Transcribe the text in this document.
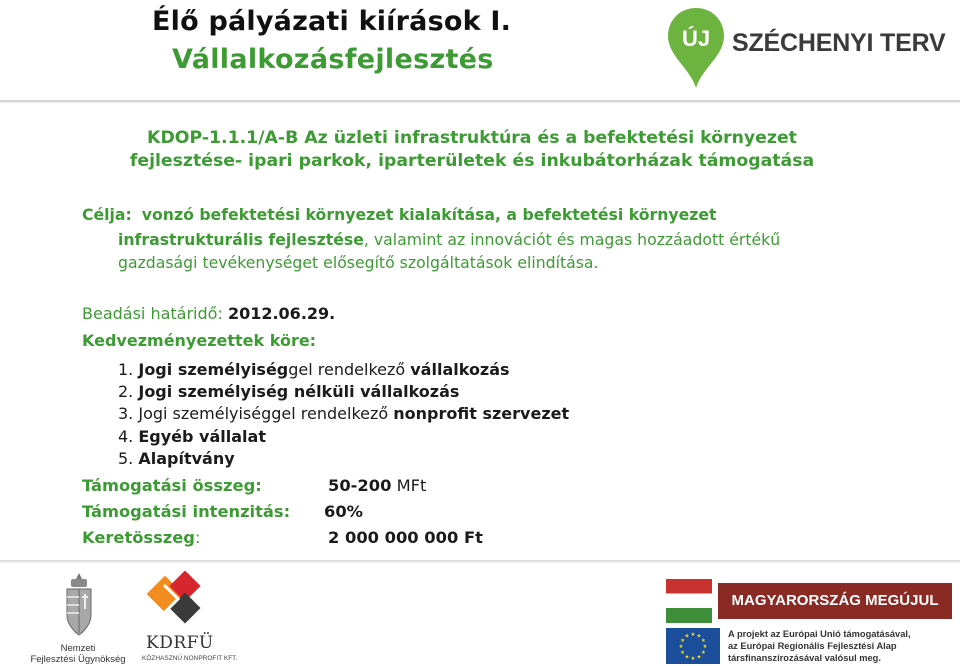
Élő pályázati kiírások I.
Vállalkozásfejlesztés
ÚJ SZÉCHENYI TERV
KDOP-1.1.1/A-B Az üzleti infrastruktúra és a befektetési környezet
fejlesztése- ipari parkok, iparterületek és inkubátorházak támogatása
Célja: vonzó befektetési környezet kialakítása, a befektetési környezet
infrastrukturális fejlesztése, valamint az innovációt és magas hozzáadott értékű
gazdasági tevékenységet elősegítő szolgáltatások elindítása.
Beadási határidő: 2012.06.29.
Kedvezményezettek köre:
1. Jogi személyiséggel rendelkező vállalkozás
2. Jogi személyiség nélküli vállalkozás
3. Jogi személyiséggel rendelkező nonprofit szervezet
4. Egyéb vállalat
5. Alapítvány
Támogatási összeg:	50-200 MFt
Támogatási intenzitás: 60%
Keretösszeg:	2 000 000 000 Ft
Nemzeti
Fejlesztési Ügynökség
KDRFÜ
KÖZHASZNÚ NONPROFIT KFT.
MAGYARORSZÁG MEGÚJUL
★ ★
★
★
★
★
★
★
★
★
★
★	A projekt az Európai Unió támogatásával,
az Európai Regionális Fejlesztési Alap
társfinanszírozásával valósul meg.
